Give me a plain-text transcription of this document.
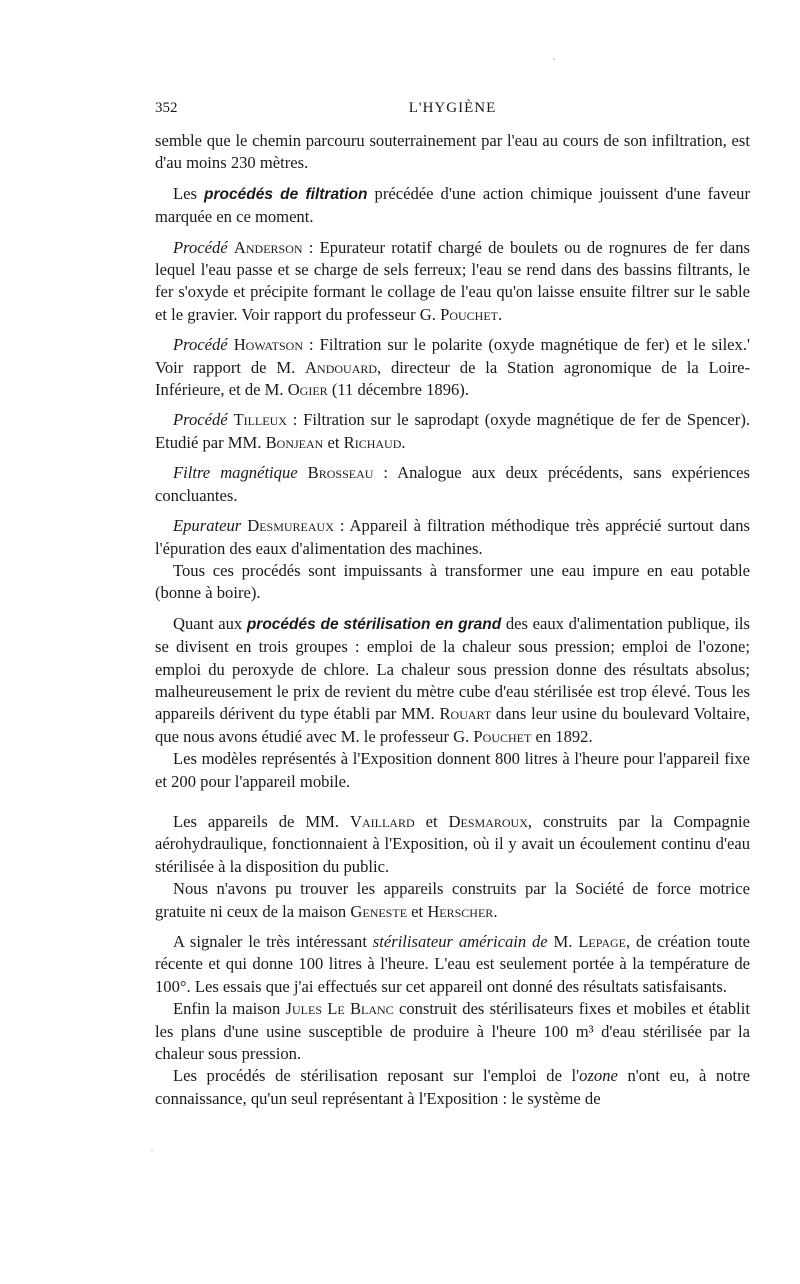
·
352	L'HYGIÈNE

semble que le chemin parcouru souterrainement par l'eau au cours de son infiltration, est d'au moins 230 mètres.

Les procédés de filtration précédée d'une action chimique jouissent d'une faveur marquée en ce moment.

Procédé Anderson : Epurateur rotatif chargé de boulets ou de rognures de fer dans lequel l'eau passe et se charge de sels ferreux; l'eau se rend dans des bassins filtrants, le fer s'oxyde et précipite formant le collage de l'eau qu'on laisse ensuite filtrer sur le sable et le gravier. Voir rapport du professeur G. Pouchet.

Procédé Howatson : Filtration sur le polarite (oxyde magnétique de fer) et le silex.' Voir rapport de M. Andouard, directeur de la Station agronomique de la Loire-Inférieure, et de M. Ogier (11 décembre 1896).

Procédé Tilleux : Filtration sur le saprodapt (oxyde magnétique de fer de Spencer). Etudié par MM. Bonjean et Richaud.

Filtre magnétique Brosseau : Analogue aux deux précédents, sans expériences concluantes.

Epurateur Desmureaux : Appareil à filtration méthodique très apprécié surtout dans l'épuration des eaux d'alimentation des machines.

Tous ces procédés sont impuissants à transformer une eau impure en eau potable (bonne à boire).

Quant aux procédés de stérilisation en grand des eaux d'alimentation publique, ils se divisent en trois groupes : emploi de la chaleur sous pression; emploi de l'ozone; emploi du peroxyde de chlore. La chaleur sous pression donne des résultats absolus; malheureusement le prix de revient du mètre cube d'eau stérilisée est trop élevé. Tous les appareils dérivent du type établi par MM. Rouart dans leur usine du boulevard Voltaire, que nous avons étudié avec M. le professeur G. Pouchet en 1892.

Les modèles représentés à l'Exposition donnent 800 litres à l'heure pour l'appareil fixe et 200 pour l'appareil mobile.

Les appareils de MM. Vaillard et Desmaroux, construits par la Compagnie aérohydraulique, fonctionnaient à l'Exposition, où il y avait un écoulement continu d'eau stérilisée à la disposition du public.

Nous n'avons pu trouver les appareils construits par la Société de force motrice gratuite ni ceux de la maison Geneste et Herscher.

A signaler le très intéressant stérilisateur américain de M. Lepage, de création toute récente et qui donne 100 litres à l'heure. L'eau est seulement portée à la température de 100°. Les essais que j'ai effectués sur cet appareil ont donné des résultats satisfaisants.

Enfin la maison Jules Le Blanc construit des stérilisateurs fixes et mobiles et établit les plans d'une usine susceptible de produire à l'heure 100 m³ d'eau stérilisée par la chaleur sous pression.

Les procédés de stérilisation reposant sur l'emploi de l'ozone n'ont eu, à notre connaissance, qu'un seul représentant à l'Exposition : le système de

·
